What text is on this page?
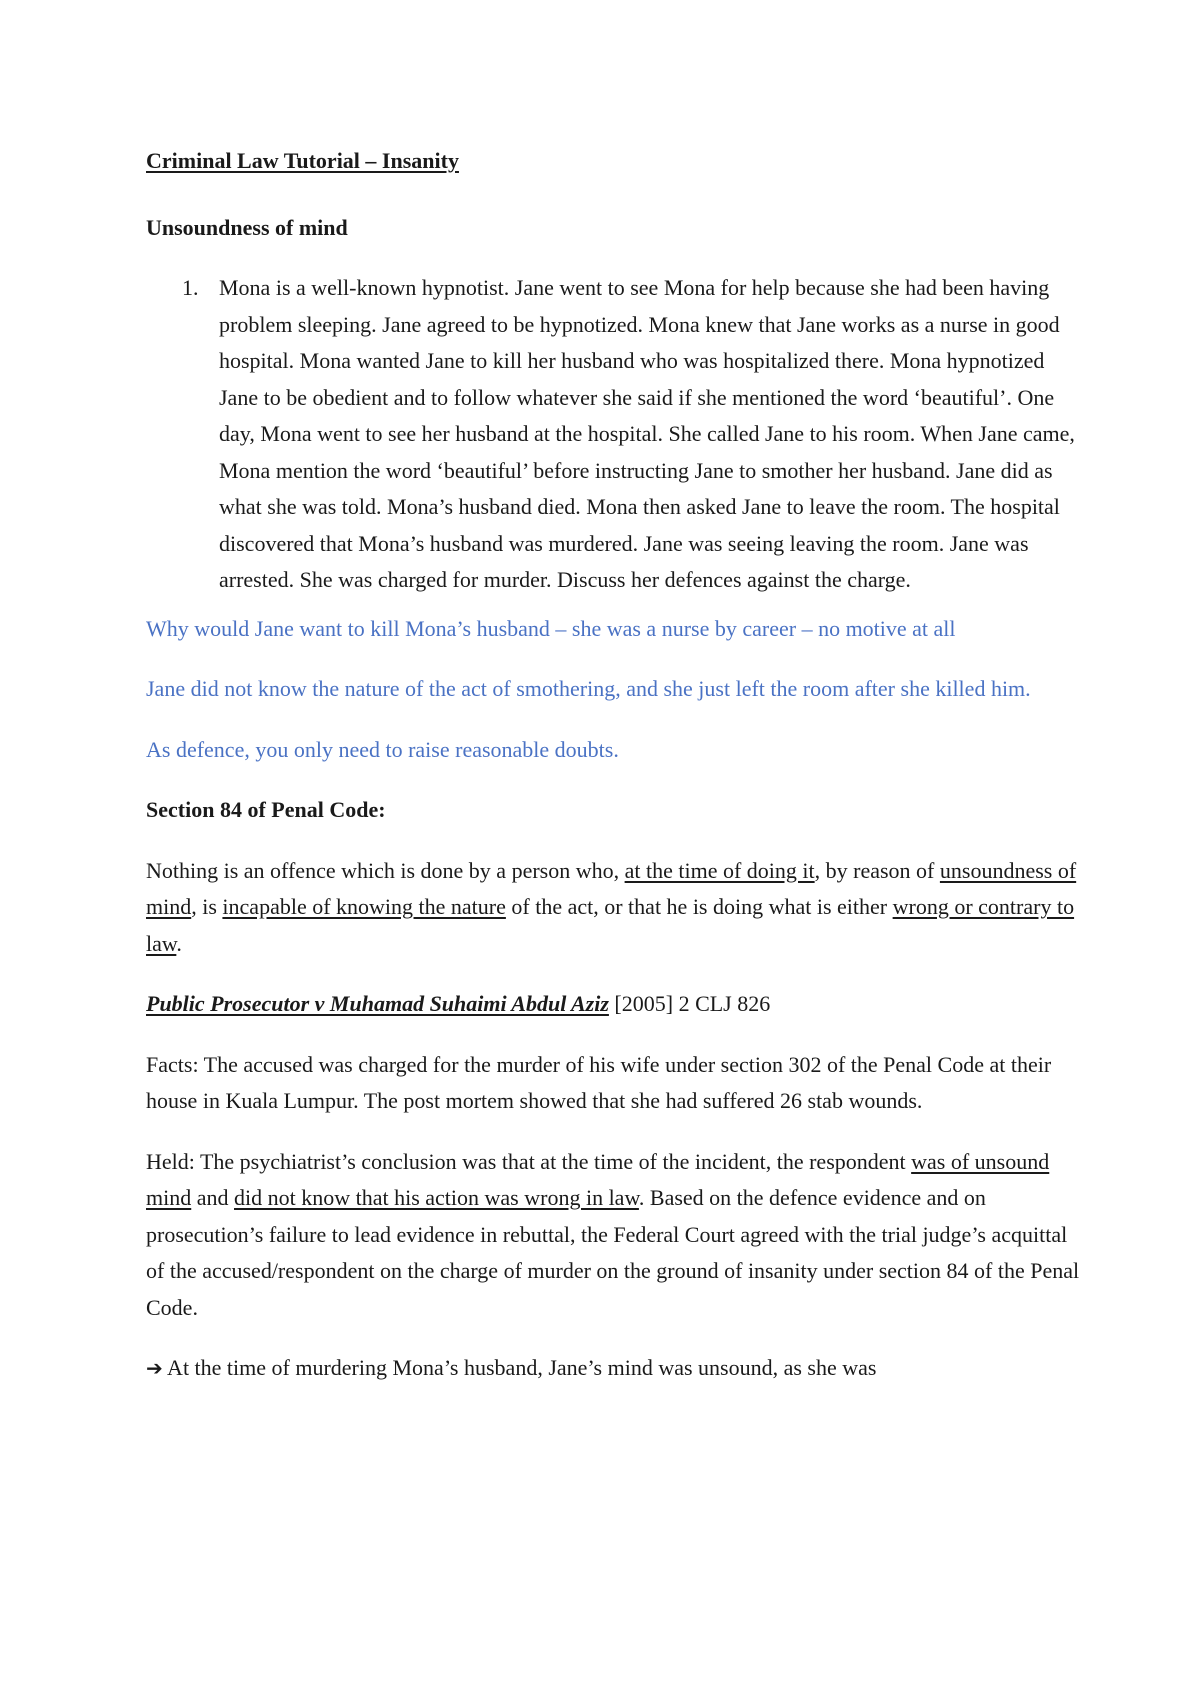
Criminal Law Tutorial – Insanity

Unsoundness of mind

1. Mona is a well-known hypnotist. Jane went to see Mona for help because she had been having problem sleeping. Jane agreed to be hypnotized. Mona knew that Jane works as a nurse in good hospital. Mona wanted Jane to kill her husband who was hospitalized there. Mona hypnotized Jane to be obedient and to follow whatever she said if she mentioned the word ‘beautiful’. One day, Mona went to see her husband at the hospital. She called Jane to his room. When Jane came, Mona mention the word ‘beautiful’ before instructing Jane to smother her husband. Jane did as what she was told. Mona’s husband died. Mona then asked Jane to leave the room. The hospital discovered that Mona’s husband was murdered. Jane was seeing leaving the room. Jane was arrested. She was charged for murder. Discuss her defences against the charge.

Why would Jane want to kill Mona’s husband – she was a nurse by career – no motive at all

Jane did not know the nature of the act of smothering, and she just left the room after she killed him.

As defence, you only need to raise reasonable doubts.

Section 84 of Penal Code:

Nothing is an offence which is done by a person who, at the time of doing it, by reason of unsoundness of mind, is incapable of knowing the nature of the act, or that he is doing what is either wrong or contrary to law.

Public Prosecutor v Muhamad Suhaimi Abdul Aziz [2005] 2 CLJ 826

Facts: The accused was charged for the murder of his wife under section 302 of the Penal Code at their house in Kuala Lumpur. The post mortem showed that she had suffered 26 stab wounds.

Held: The psychiatrist’s conclusion was that at the time of the incident, the respondent was of unsound mind and did not know that his action was wrong in law. Based on the defence evidence and on prosecution’s failure to lead evidence in rebuttal, the Federal Court agreed with the trial judge’s acquittal of the accused/respondent on the charge of murder on the ground of insanity under section 84 of the Penal Code.

➔ At the time of murdering Mona’s husband, Jane’s mind was unsound, as she was
